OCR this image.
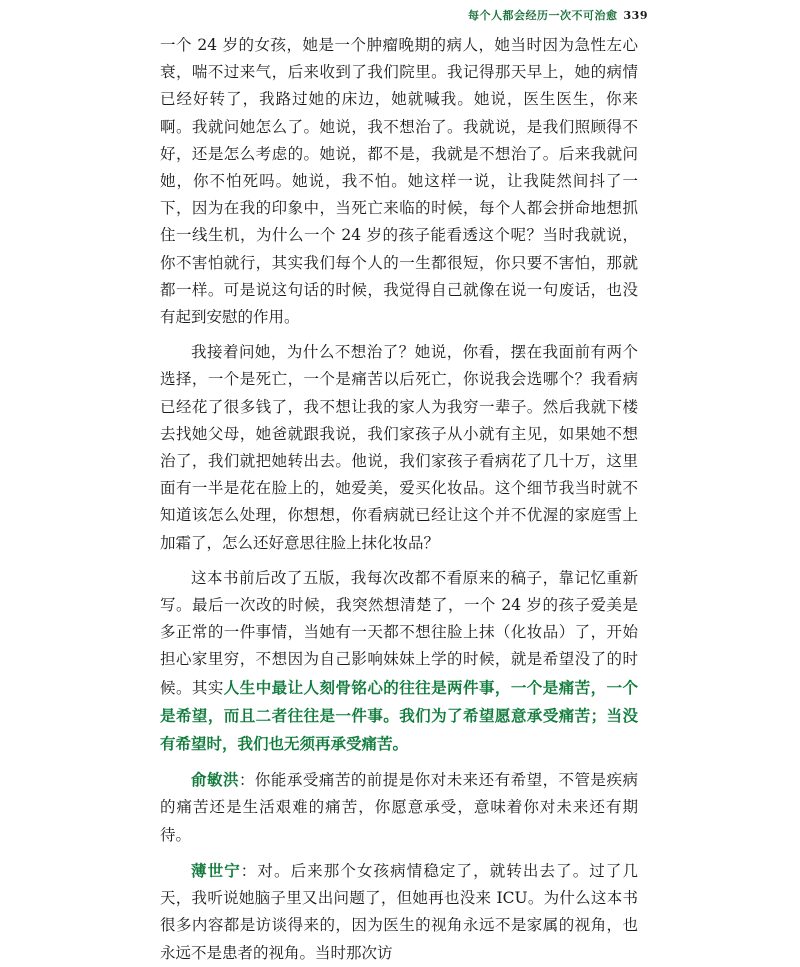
每个人都会经历一次不可治愈 339

一个 24 岁的女孩，她是一个肿瘤晚期的病人，她当时因为急性左心衰，喘不过来气，后来收到了我们院里。我记得那天早上，她的病情已经好转了，我路过她的床边，她就喊我。她说，医生医生，你来啊。我就问她怎么了。她说，我不想治了。我就说，是我们照顾得不好，还是怎么考虑的。她说，都不是，我就是不想治了。后来我就问她，你不怕死吗。她说，我不怕。她这样一说，让我陡然间抖了一下，因为在我的印象中，当死亡来临的时候，每个人都会拼命地想抓住一线生机，为什么一个 24 岁的孩子能看透这个呢？当时我就说，你不害怕就行，其实我们每个人的一生都很短，你只要不害怕，那就都一样。可是说这句话的时候，我觉得自己就像在说一句废话，也没有起到安慰的作用。

我接着问她，为什么不想治了？她说，你看，摆在我面前有两个选择，一个是死亡，一个是痛苦以后死亡，你说我会选哪个？我看病已经花了很多钱了，我不想让我的家人为我穷一辈子。然后我就下楼去找她父母，她爸就跟我说，我们家孩子从小就有主见，如果她不想治了，我们就把她转出去。他说，我们家孩子看病花了几十万，这里面有一半是花在脸上的，她爱美，爱买化妆品。这个细节我当时就不知道该怎么处理，你想想，你看病就已经让这个并不优渥的家庭雪上加霜了，怎么还好意思往脸上抹化妆品？

这本书前后改了五版，我每次改都不看原来的稿子，靠记忆重新写。最后一次改的时候，我突然想清楚了，一个 24 岁的孩子爱美是多正常的一件事情，当她有一天都不想往脸上抹（化妆品）了，开始担心家里穷，不想因为自己影响妹妹上学的时候，就是希望没了的时候。其实人生中最让人刻骨铭心的往往是两件事，一个是痛苦，一个是希望，而且二者往往是一件事。我们为了希望愿意承受痛苦；当没有希望时，我们也无须再承受痛苦。

俞敏洪：你能承受痛苦的前提是你对未来还有希望，不管是疾病的痛苦还是生活艰难的痛苦，你愿意承受，意味着你对未来还有期待。

薄世宁：对。后来那个女孩病情稳定了，就转出去了。过了几天，我听说她脑子里又出问题了，但她再也没来 ICU。为什么这本书很多内容都是访谈得来的，因为医生的视角永远不是家属的视角，也永远不是患者的视角。当时那次访
